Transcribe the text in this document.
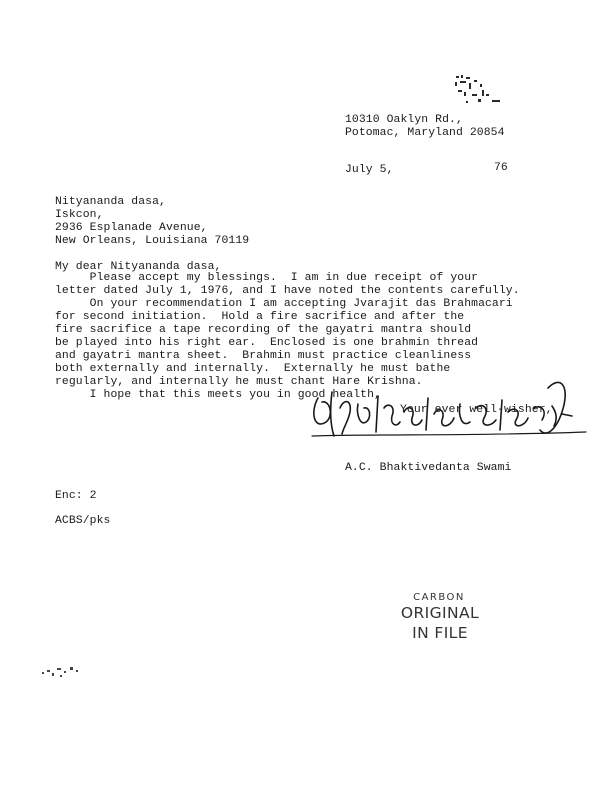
10310 Oaklyn Rd.,
Potomac, Maryland 20854
July 5,	76
Nityananda dasa,
Iskcon,
2936 Esplanade Avenue,
New Orleans, Louisiana 70119
My dear Nityananda dasa,
Please accept my blessings.  I am in due receipt of your
letter dated July 1, 1976, and I have noted the contents carefully.
On your recommendation I am accepting Jvarajit das Brahmacari
for second initiation.  Hold a fire sacrifice and after the
fire sacrifice a tape recording of the gayatri mantra should
be played into his right ear.  Enclosed is one brahmin thread
and gayatri mantra sheet.  Brahmin must practice cleanliness
both externally and internally.  Externally he must bathe
regularly, and internally he must chant Hare Krishna.
I hope that this meets you in good health,
Your ever well-wisher,
A.C. Bhaktivedanta Swami
Enc: 2
ACBS/pks
CARBON
ORIGINAL
IN FILE
